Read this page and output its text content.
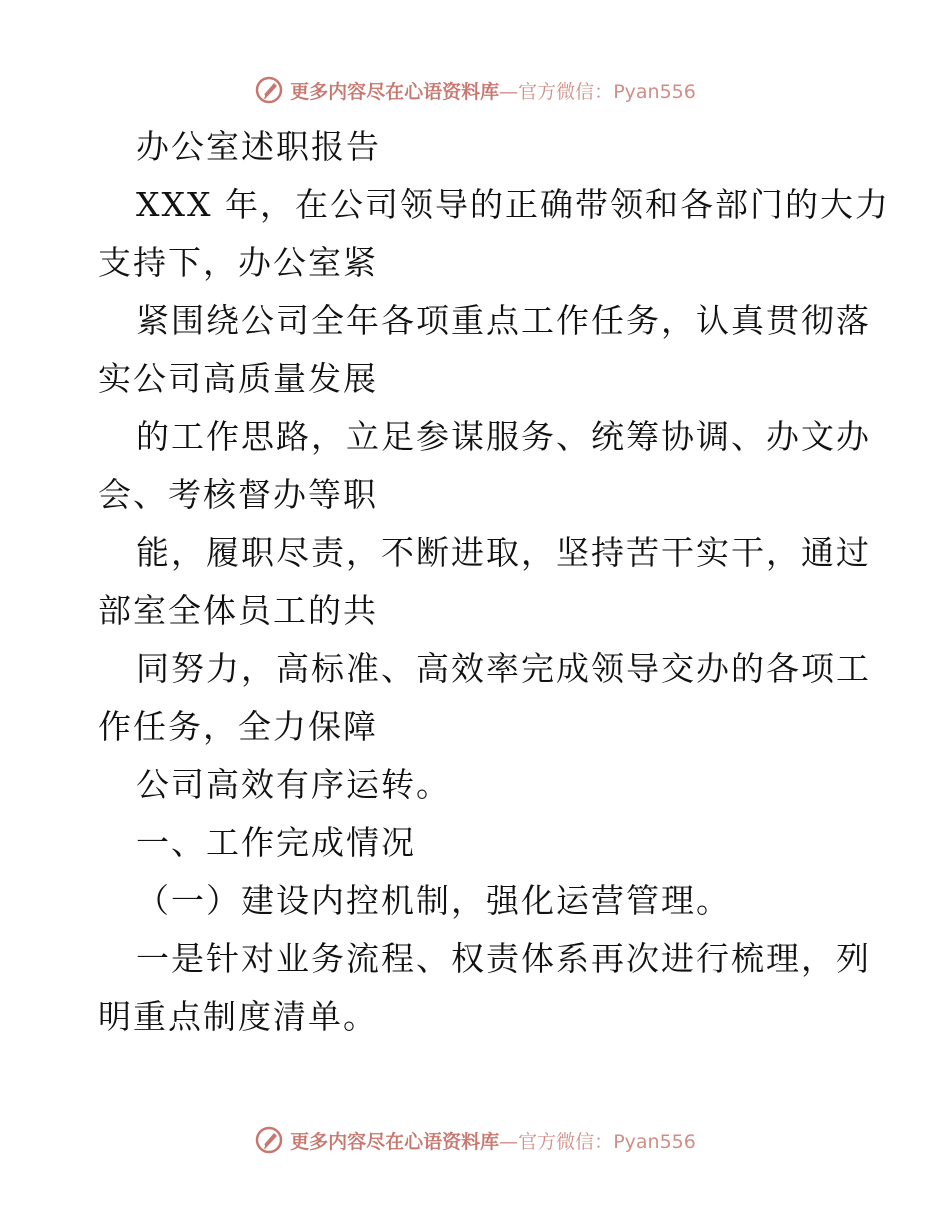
更多内容尽在心语资料库—官方微信：Pyan556
办公室述职报告
XXX 年，在公司领导的正确带领和各部门的大力
支持下，办公室紧
紧围绕公司全年各项重点工作任务，认真贯彻落
实公司高质量发展
的工作思路，立足参谋服务、统筹协调、办文办
会、考核督办等职
能，履职尽责，不断进取，坚持苦干实干，通过
部室全体员工的共
同努力，高标准、高效率完成领导交办的各项工
作任务，全力保障
公司高效有序运转。
一、工作完成情况
（一）建设内控机制，强化运营管理。
一是针对业务流程、权责体系再次进行梳理，列
明重点制度清单。
更多内容尽在心语资料库—官方微信：Pyan556
